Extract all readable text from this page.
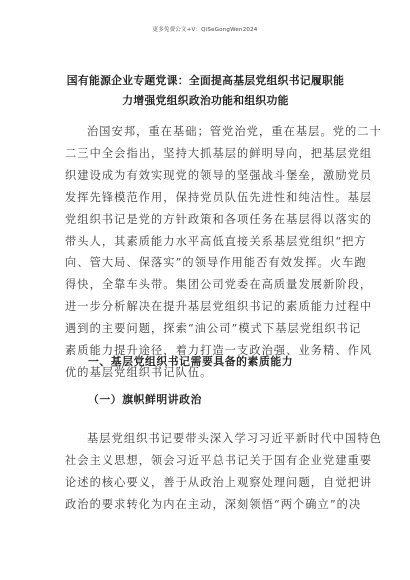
更多免费公文+V：QiSeGongWen2024
国有能源企业专题党课：全面提高基层党组织书记履职能
力增强党组织政治功能和组织功能
治国安邦，重在基础；管党治党，重在基层。党的二十
二三中全会指出，坚持大抓基层的鲜明导向，把基层党组
织建设成为有效实现党的领导的坚强战斗堡垒，激励党员
发挥先锋模范作用，保持党员队伍先进性和纯洁性。基层
党组织书记是党的方针政策和各项任务在基层得以落实的
带头人，其素质能力水平高低直接关系基层党组织“把方
向、管大局、保落实”的领导作用能否有效发挥。火车跑
得快，全靠车头带。集团公司党委在高质量发展新阶段，
进一步分析解决在提升基层党组织书记的素质能力过程中
遇到的主要问题，探索“油公司”模式下基层党组织书记
素质能力提升途径，着力打造一支政治强、业务精、作风
优的基层党组织书记队伍。
一、基层党组织书记需要具备的素质能力
（一）旗帜鲜明讲政治
基层党组织书记要带头深入学习习近平新时代中国特色
社会主义思想，领会习近平总书记关于国有企业党建重要
论述的核心要义，善于从政治上观察处理问题，自觉把讲
政治的要求转化为内在主动，深刻领悟“两个确立”的决
